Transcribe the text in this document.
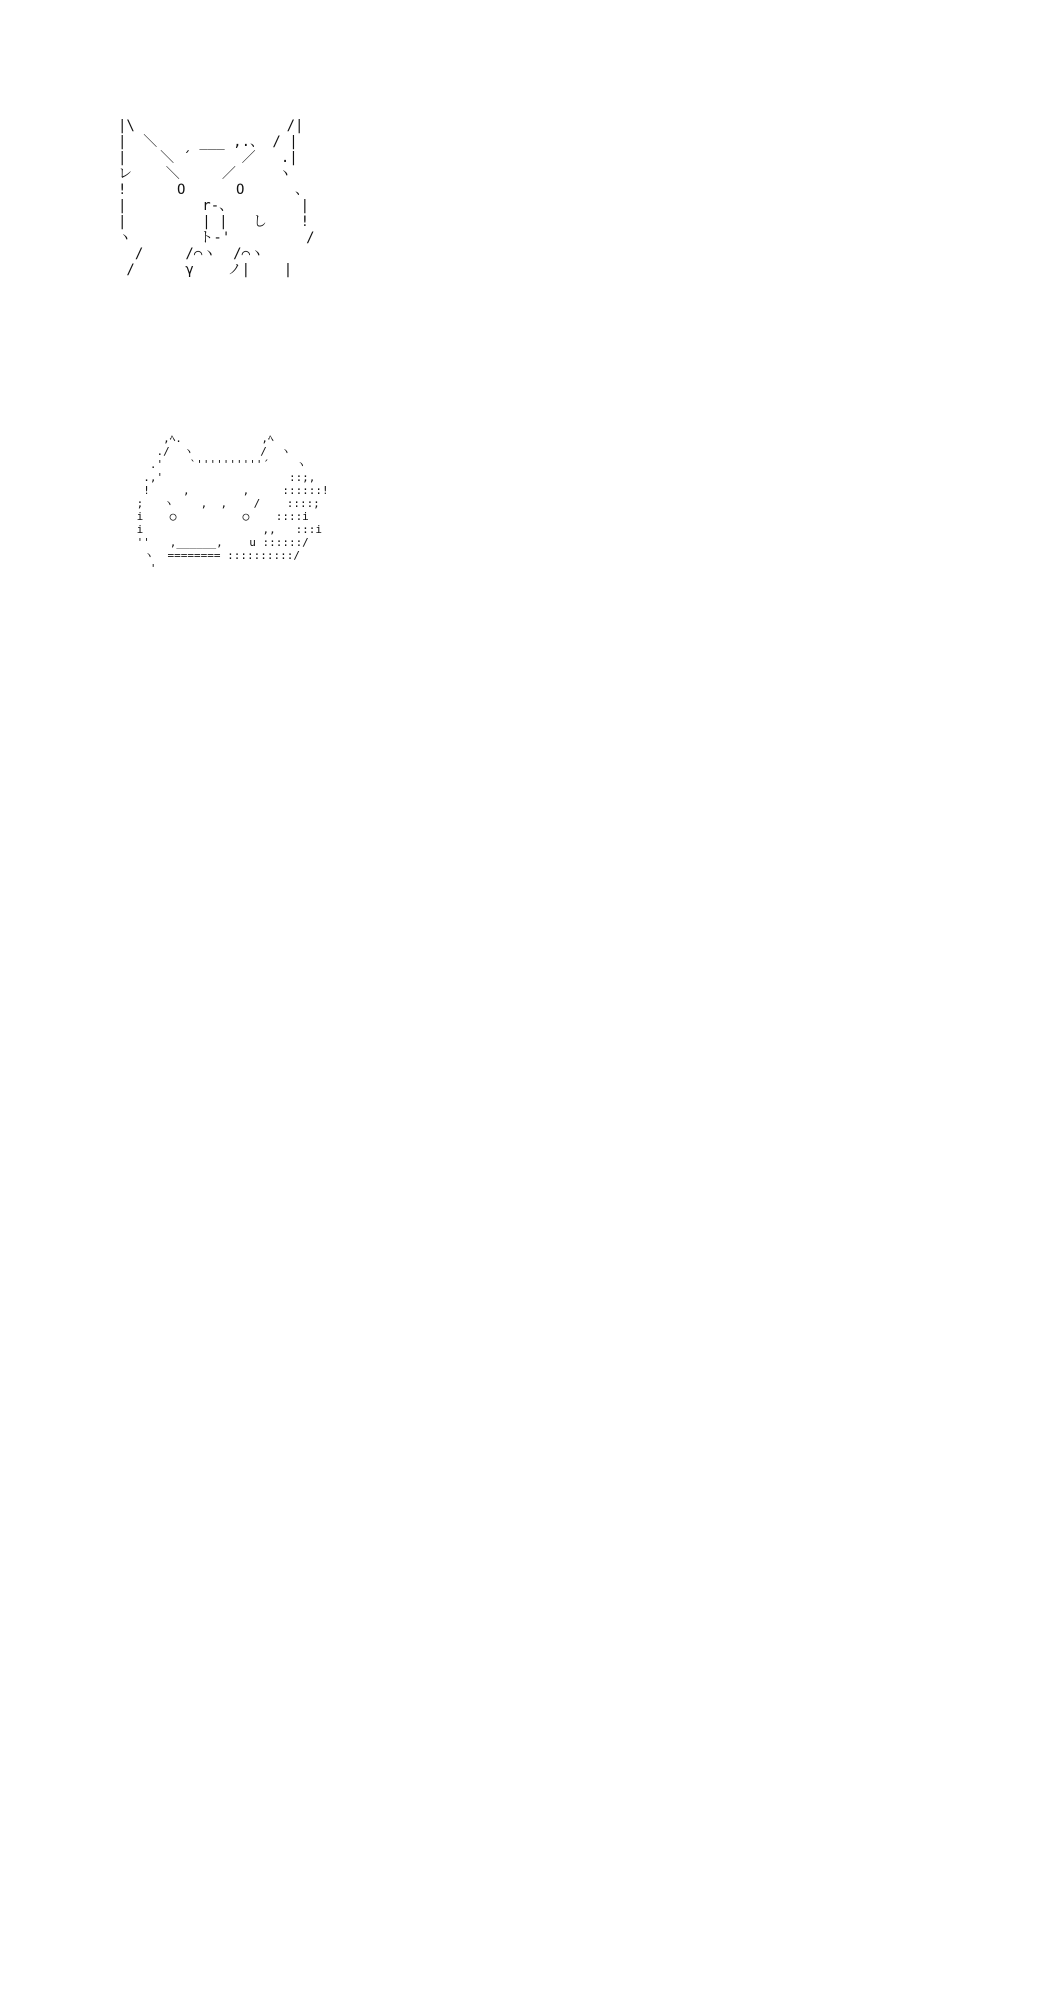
|\                  /|
|  ＼     ___ ,.、 / |
|    ＼ ´      ／   .|
レ    ＼     ／     ヽ
!      O      O      、
|         r‐、        |
|         | |   し    !
ヽ        ト‐'         /
/     /⌒ヽ  /⌒ヽ
/      γ    ノ|    |
,ﾍ.            ,ﾍ
./  ヽ          /  ヽ
.'    `''''''''''´    ヽ
.,'                   ::;,
!     ,        ,     ::::::!
;   ヽ    ,  ,    /    ::::;
i    ◯          ◯    ::::i
i                  ,,   :::i
''   ,______,    u ::::::/
ヽ  ======== ::::::::::/
'
